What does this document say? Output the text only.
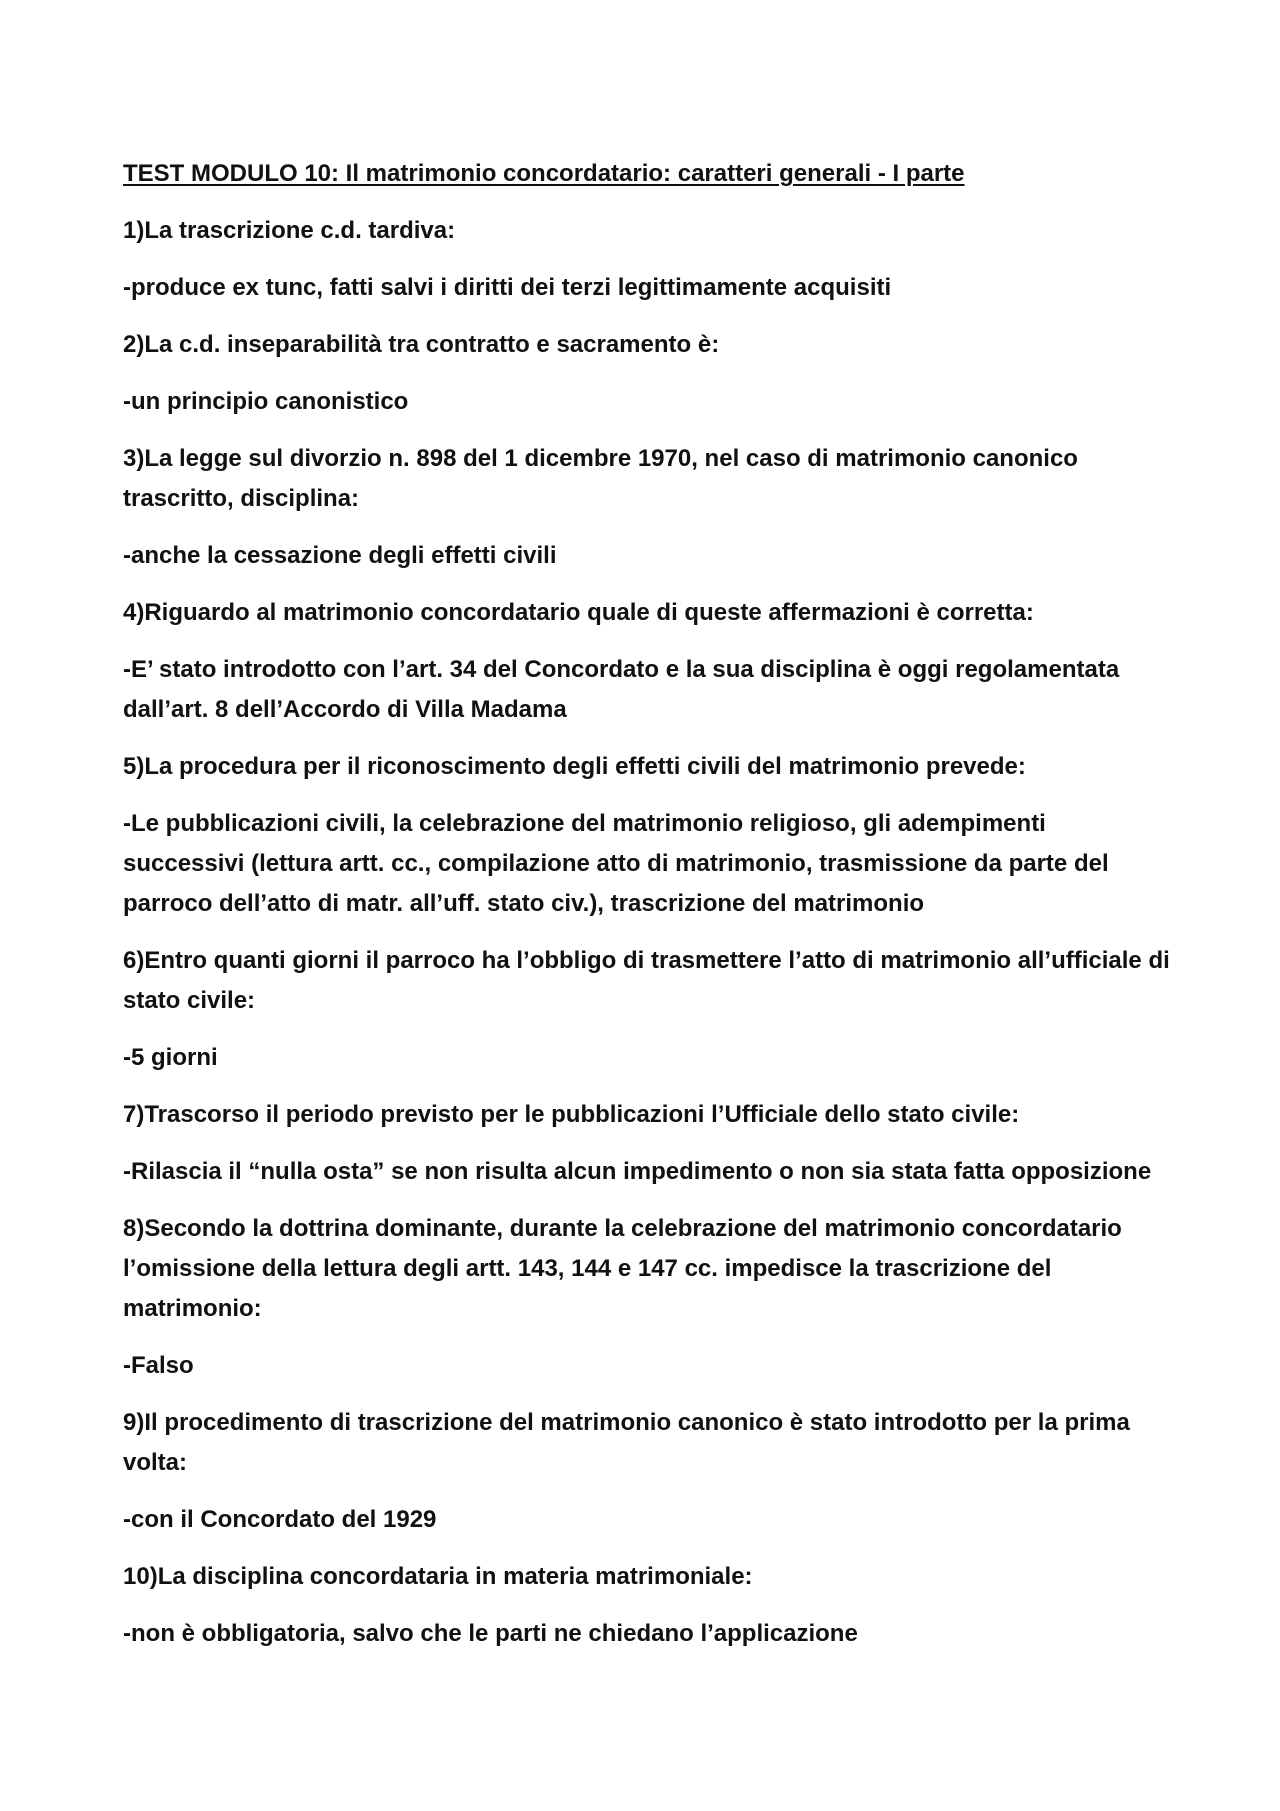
TEST MODULO 10: Il matrimonio concordatario: caratteri generali - I parte

1)La trascrizione c.d. tardiva:

-produce ex tunc, fatti salvi i diritti dei terzi legittimamente acquisiti

2)La c.d. inseparabilità tra contratto e sacramento è:

-un principio canonistico

3)La legge sul divorzio n. 898 del 1 dicembre 1970, nel caso di matrimonio canonico trascritto, disciplina:

-anche la cessazione degli effetti civili

4)Riguardo al matrimonio concordatario quale di queste affermazioni è corretta:

-E’ stato introdotto con l’art. 34 del Concordato e la sua disciplina è oggi regolamentata dall’art. 8 dell’Accordo di Villa Madama

5)La procedura per il riconoscimento degli effetti civili del matrimonio prevede:

-Le pubblicazioni civili, la celebrazione del matrimonio religioso, gli adempimenti successivi (lettura artt. cc., compilazione atto di matrimonio, trasmissione da parte del parroco dell’atto di matr. all’uff. stato civ.), trascrizione del matrimonio

6)Entro quanti giorni il parroco ha l’obbligo di trasmettere l’atto di matrimonio all’ufficiale di stato civile:

-5 giorni

7)Trascorso il periodo previsto per le pubblicazioni l’Ufficiale dello stato civile:

-Rilascia il “nulla osta” se non risulta alcun impedimento o non sia stata fatta opposizione

8)Secondo la dottrina dominante, durante la celebrazione del matrimonio concordatario l’omissione della lettura degli artt. 143, 144 e 147 cc. impedisce la trascrizione del matrimonio:

-Falso

9)Il procedimento di trascrizione del matrimonio canonico è stato introdotto per la prima volta:

-con il Concordato del 1929

10)La disciplina concordataria in materia matrimoniale:

-non è obbligatoria, salvo che le parti ne chiedano l’applicazione
